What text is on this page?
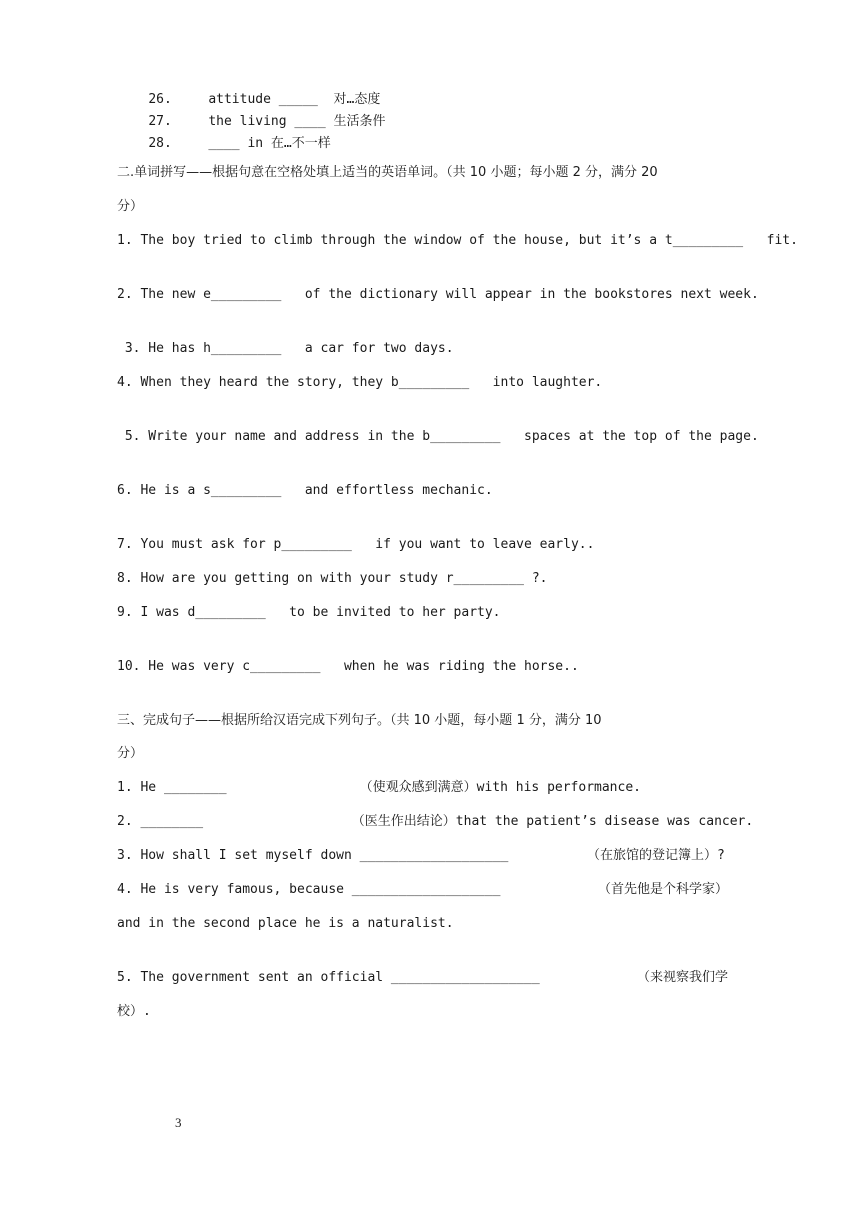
26.	attitude _____  对…态度

27.	the living ____ 生活条件

28.	____ in 在…不一样

二.单词拼写——根据句意在空格处填上适当的英语单词。（共 10 小题；每小题 2 分，满分 20
分）
1. The boy tried to climb through the window of the house, but it’s a t_________   fit.
2. The new e_________   of the dictionary will appear in the bookstores next week.
3. He has h_________   a car for two days.
4. When they heard the story, they b_________   into laughter.
5. Write your name and address in the b_________   spaces at the top of the page.
6. He is a s_________   and effortless mechanic.
7. You must ask for p_________   if you want to leave early..
8. How are you getting on with your study r_________ ?.
9. I was d_________   to be invited to her party.
10. He was very c_________   when he was riding the horse..
三、完成句子——根据所给汉语完成下列句子。（共 10 小题，每小题 1 分，满分 10
分）
1. He ________                 （使观众感到满意）with his performance.
2. ________                   （医生作出结论）that the patient’s disease was cancer.
3. How shall I set myself down ___________________	（在旅馆的登记簿上）?
4. He is very famous, because ___________________	（首先他是个科学家）
and in the second place he is a naturalist.
5. The government sent an official ___________________	（来视察我们学
校）.
3
